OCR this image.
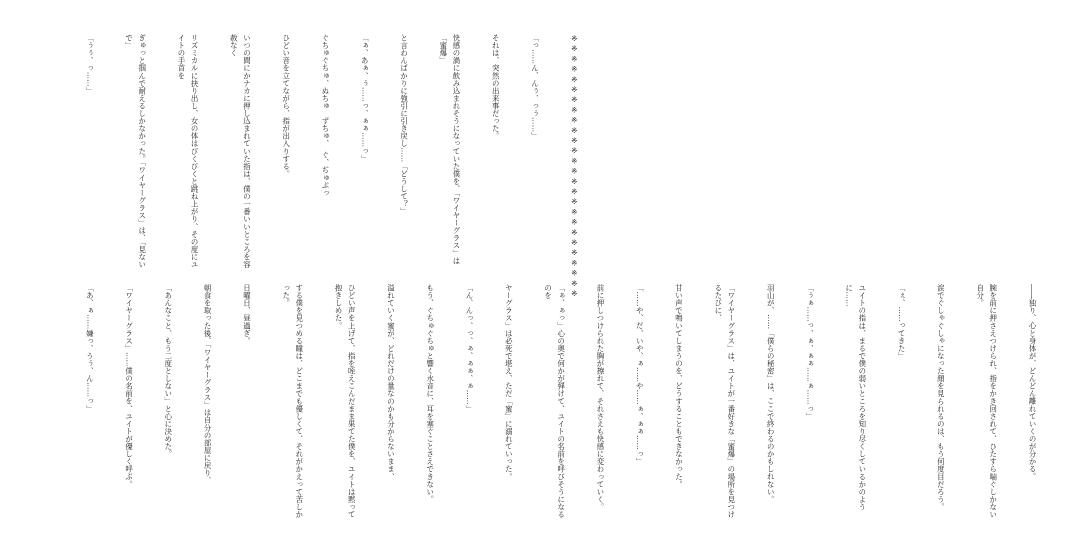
※※※※※※※※※※※※※※※※※※※※※※※※※※

「っ……ん、んぅ、っぅ……」

それは、突然の出来事だった。

快感の渦に飲み込まれそうになっていた僕を、「ワイヤーグラス」は「蜜爆」

と言わんばかりに強引に引き戻し……「どうして？」

「ぁ、あぁ、ぅ……っ、ぁぁ……っ」

ぐちゅぐちゅ、ぬちゅ　ずちゅ、　ぐ、ぢゅぷっ

ひどい音を立てながら、指が出入りする。

いつの間にかナカに押し込まれていた指は、僕の一番いいところを容赦なく

リズミカルに抉り出し、女の体はびくびくと跳ね上がり、その度にユイトの手首を

ぎゅっと掴んで耐えるしかなかった。「ワイヤーグラス」は、「見ないで」

「ぅぅ、っ……」

――独り、心と身体が、どんどん離れていくのが分かる。

腕を前に押さえつけられ、指をかき回されて、ひたすら喘ぐしかない自分。

涙でぐしゃぐしゃになった顔を見られるのは、もう何度目だろう。

「ぇ、……ってきた」

ユイトの指は、まるで僕の弱いところを知り尽くしているかのように……

「ぅぁ……っ、ぁ、ぁぁ……ぁ……っ」

羽山が、……「僕らの秘密」は、ここで終わるのかもしれない。

「ワイヤーグラス」は、ユイトが一番好きな「蜜爆」の場所を見つけるたびに、

甘い声で鳴いてしまうのを、どうすることもできなかった。

「……や、だ、いや、ぁ……や……ぁ、ぁぁ……っ」

前に押しつけられた胸が擦れて、それさえも快感に変わっていく。

「ぁ、ぁっ」心の奥で何かが弾けて、ユイトの名前を呼びそうになるのを

ヤーグラス」は必死で堪え、ただ「蜜」に溺れていった。

「ん、んっ、っ、ぁ、ぁぁ、ぁ……」

もう、ぐちゅぐちゅと響く水音に、耳を塞ぐことさえできない。

溢れていく蜜が、どれだけの量なのかも分からないまま、

ひどい声を上げて、指を咥えこんだまま果てた僕を、ユイトは黙って抱きしめた。

する僕を見つめる瞳は、どこまでも優しくて、それがかえって苦しかった。

日曜日、昼過ぎ。

朝食を取った後、「ワイヤーグラス」は自分の部屋に戻り、

「あんなこと、もう二度としない」と心に決めた。

「ワイヤーグラス」……僕の名前を、ユイトが優しく呼ぶ。

「あ、ぁ……嫌っ、うぅ、ん……っ」
